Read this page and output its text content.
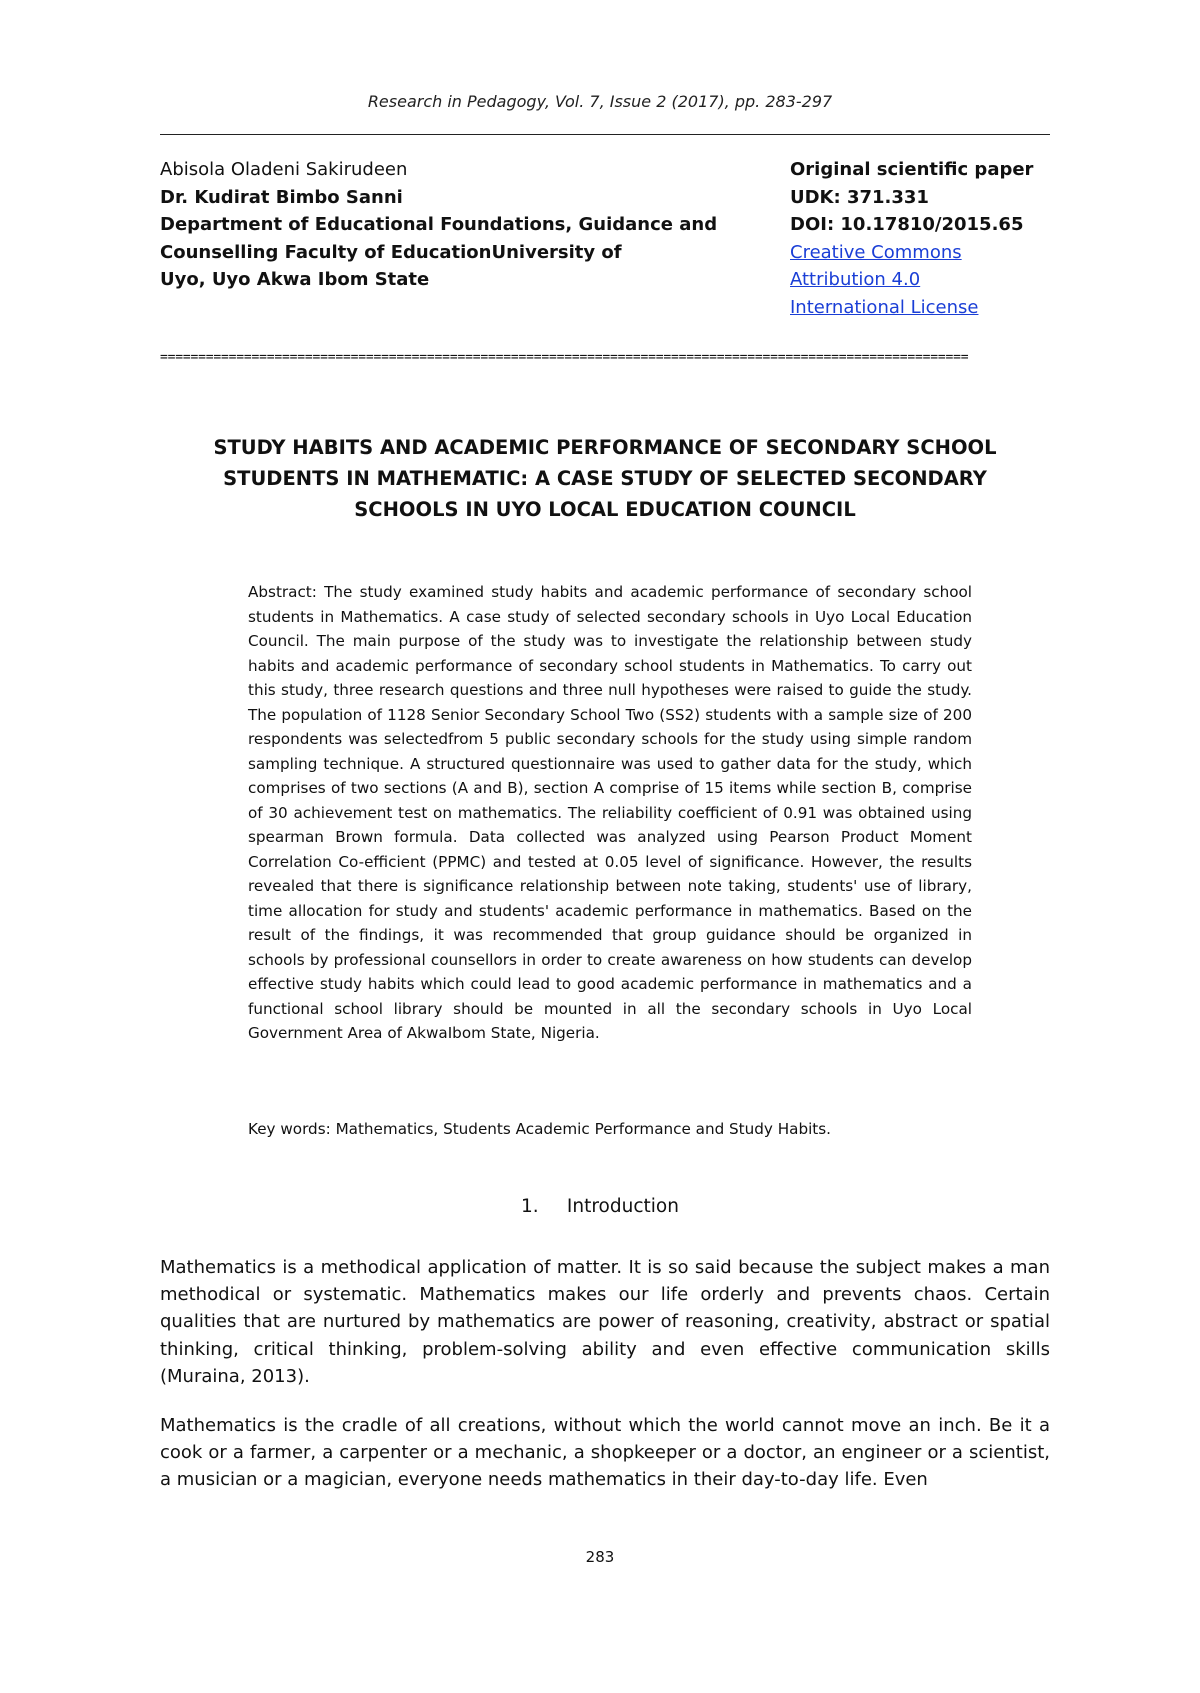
Research in Pedagogy, Vol. 7, Issue 2 (2017), pp. 283-297
Abisola Oladeni Sakirudeen
Dr. Kudirat Bimbo Sanni
Department of Educational Foundations, Guidance and
Counselling Faculty of EducationUniversity of
Uyo, Uyo Akwa Ibom State
Original scientific paper
UDK: 371.331
DOI: 10.17810/2015.65
Creative Commons
Attribution 4.0
International License
==========================================================================================================
STUDY HABITS AND ACADEMIC PERFORMANCE OF SECONDARY SCHOOL
STUDENTS IN MATHEMATIC: A CASE STUDY OF SELECTED SECONDARY
SCHOOLS IN UYO LOCAL EDUCATION COUNCIL
Abstract: The study examined study habits and academic performance of secondary school students in Mathematics. A case study of selected secondary schools in Uyo Local Education Council. The main purpose of the study was to investigate the relationship between study habits and academic performance of secondary school students in Mathematics. To carry out this study, three research questions and three null hypotheses were raised to guide the study. The population of 1128 Senior Secondary School Two (SS2) students with a sample size of 200 respondents was selectedfrom 5 public secondary schools for the study using simple random sampling technique. A structured questionnaire was used to gather data for the study, which comprises of two sections (A and B), section A comprise of 15 items while section B, comprise of 30 achievement test on mathematics. The reliability coefficient of 0.91 was obtained using spearman Brown formula. Data collected was analyzed using Pearson Product Moment Correlation Co-efficient (PPMC) and tested at 0.05 level of significance. However, the results revealed that there is significance relationship between note taking, students' use of library, time allocation for study and students' academic performance in mathematics. Based on the result of the findings, it was recommended that group guidance should be organized in schools by professional counsellors in order to create awareness on how students can develop effective study habits which could lead to good academic performance in mathematics and a functional school library should be mounted in all the secondary schools in Uyo Local Government Area of AkwaIbom State, Nigeria.
Key words: Mathematics, Students Academic Performance and Study Habits.
1. Introduction
Mathematics is a methodical application of matter. It is so said because the subject makes a man methodical or systematic. Mathematics makes our life orderly and prevents chaos. Certain qualities that are nurtured by mathematics are power of reasoning, creativity, abstract or spatial thinking, critical thinking, problem-solving ability and even effective communication skills (Muraina, 2013).
Mathematics is the cradle of all creations, without which the world cannot move an inch. Be it a cook or a farmer, a carpenter or a mechanic, a shopkeeper or a doctor, an engineer or a scientist, a musician or a magician, everyone needs mathematics in their day-to-day life. Even
283
